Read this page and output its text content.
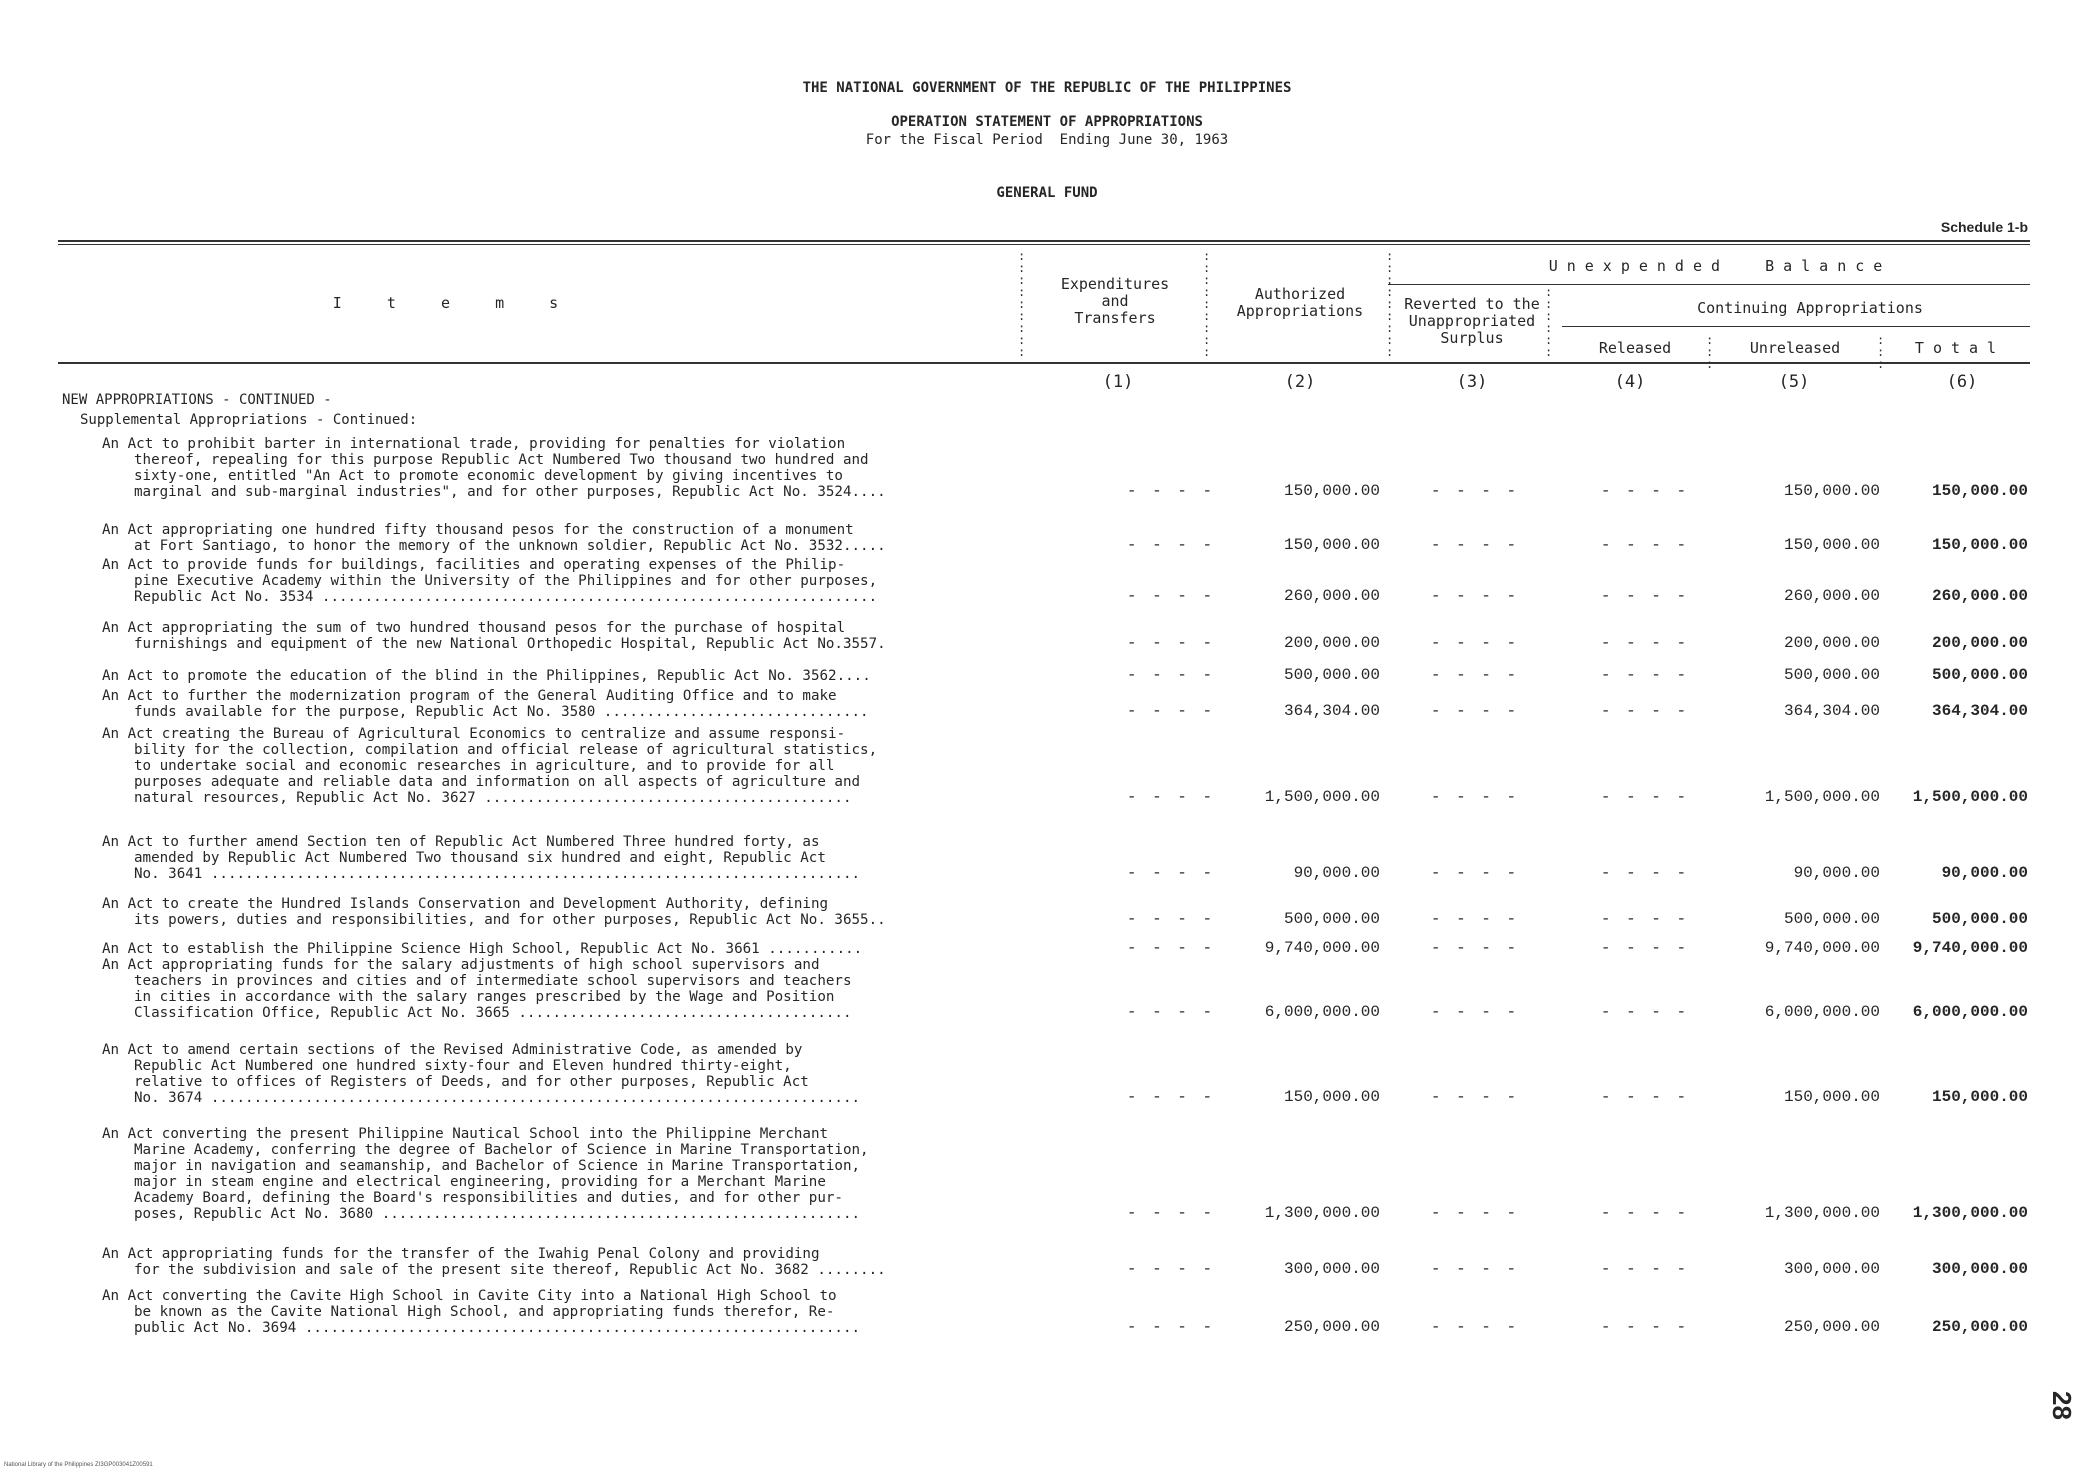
THE NATIONAL GOVERNMENT OF THE REPUBLIC OF THE PHILIPPINES
OPERATION STATEMENT OF APPROPRIATIONS
For the Fiscal Period  Ending June 30, 1963
GENERAL FUND
Schedule 1-b
:
:
:
:
:
:
:
:
:
:
:
:
:
:
:
:
:
:
:
:
:
:
:
:
:
:
:
:
:
:
:
:
:
:
:
:
:
:
:
I  t  e  m  s
Expenditures
and
Transfers
Authorized
Appropriations
Unexpended  Balance
Reverted to the
Unappropriated
Surplus
Continuing Appropriations
Released	Unreleased	Total
(1)	(2)	(3)	(4)	(5)	(6)
NEW APPROPRIATIONS - CONTINUED -
Supplemental Appropriations - Continued:
An Act to prohibit barter in international trade, providing for penalties for violation
thereof, repealing for this purpose Republic Act Numbered Two thousand two hundred and
sixty-one, entitled "An Act to promote economic development by giving incentives to
marginal and sub-marginal industries", and for other purposes, Republic Act No. 3524....	- - - -	150,000.00	- - - -	- - - -	150,000.00	150,000.00
An Act appropriating one hundred fifty thousand pesos for the construction of a monument
at Fort Santiago, to honor the memory of the unknown soldier, Republic Act No. 3532.....	- - - -	150,000.00	- - - -	- - - -	150,000.00	150,000.00
An Act to provide funds for buildings, facilities and operating expenses of the Philip-
pine Executive Academy within the University of the Philippines and for other purposes,
Republic Act No. 3534 .................................................................	- - - -	260,000.00	- - - -	- - - -	260,000.00	260,000.00
An Act appropriating the sum of two hundred thousand pesos for the purchase of hospital
furnishings and equipment of the new National Orthopedic Hospital, Republic Act No.3557.	- - - -	200,000.00	- - - -	- - - -	200,000.00	200,000.00
An Act to promote the education of the blind in the Philippines, Republic Act No. 3562....	- - - -	500,000.00	- - - -	- - - -	500,000.00	500,000.00
An Act to further the modernization program of the General Auditing Office and to make
funds available for the purpose, Republic Act No. 3580 ...............................	- - - -	364,304.00	- - - -	- - - -	364,304.00	364,304.00
An Act creating the Bureau of Agricultural Economics to centralize and assume responsi-
bility for the collection, compilation and official release of agricultural statistics,
to undertake social and economic researches in agriculture, and to provide for all
purposes adequate and reliable data and information on all aspects of agriculture and
natural resources, Republic Act No. 3627 ...........................................	- - - -	1,500,000.00	- - - -	- - - -	1,500,000.00	1,500,000.00
An Act to further amend Section ten of Republic Act Numbered Three hundred forty, as
amended by Republic Act Numbered Two thousand six hundred and eight, Republic Act
No. 3641 ............................................................................	- - - -	90,000.00	- - - -	- - - -	90,000.00	90,000.00
An Act to create the Hundred Islands Conservation and Development Authority, defining
its powers, duties and responsibilities, and for other purposes, Republic Act No. 3655..	- - - -	500,000.00	- - - -	- - - -	500,000.00	500,000.00
An Act to establish the Philippine Science High School, Republic Act No. 3661 ...........	- - - -	9,740,000.00	- - - -	- - - -	9,740,000.00	9,740,000.00
An Act appropriating funds for the salary adjustments of high school supervisors and
teachers in provinces and cities and of intermediate school supervisors and teachers
in cities in accordance with the salary ranges prescribed by the Wage and Position
Classification Office, Republic Act No. 3665 .......................................	- - - -	6,000,000.00	- - - -	- - - -	6,000,000.00	6,000,000.00
An Act to amend certain sections of the Revised Administrative Code, as amended by
Republic Act Numbered one hundred sixty-four and Eleven hundred thirty-eight,
relative to offices of Registers of Deeds, and for other purposes, Republic Act
No. 3674 ............................................................................	- - - -	150,000.00	- - - -	- - - -	150,000.00	150,000.00
An Act converting the present Philippine Nautical School into the Philippine Merchant
Marine Academy, conferring the degree of Bachelor of Science in Marine Transportation,
major in navigation and seamanship, and Bachelor of Science in Marine Transportation,
major in steam engine and electrical engineering, providing for a Merchant Marine
Academy Board, defining the Board's responsibilities and duties, and for other pur-
poses, Republic Act No. 3680 ........................................................	- - - -	1,300,000.00	- - - -	- - - -	1,300,000.00	1,300,000.00
An Act appropriating funds for the transfer of the Iwahig Penal Colony and providing
for the subdivision and sale of the present site thereof, Republic Act No. 3682 ........	- - - -	300,000.00	- - - -	- - - -	300,000.00	300,000.00
An Act converting the Cavite High School in Cavite City into a National High School to
be known as the Cavite National High School, and appropriating funds therefor, Re-
public Act No. 3694 .................................................................	- - - -	250,000.00	- - - -	- - - -	250,000.00	250,000.00
28
National Library of the Philippines ZI3GP003041Z00591
